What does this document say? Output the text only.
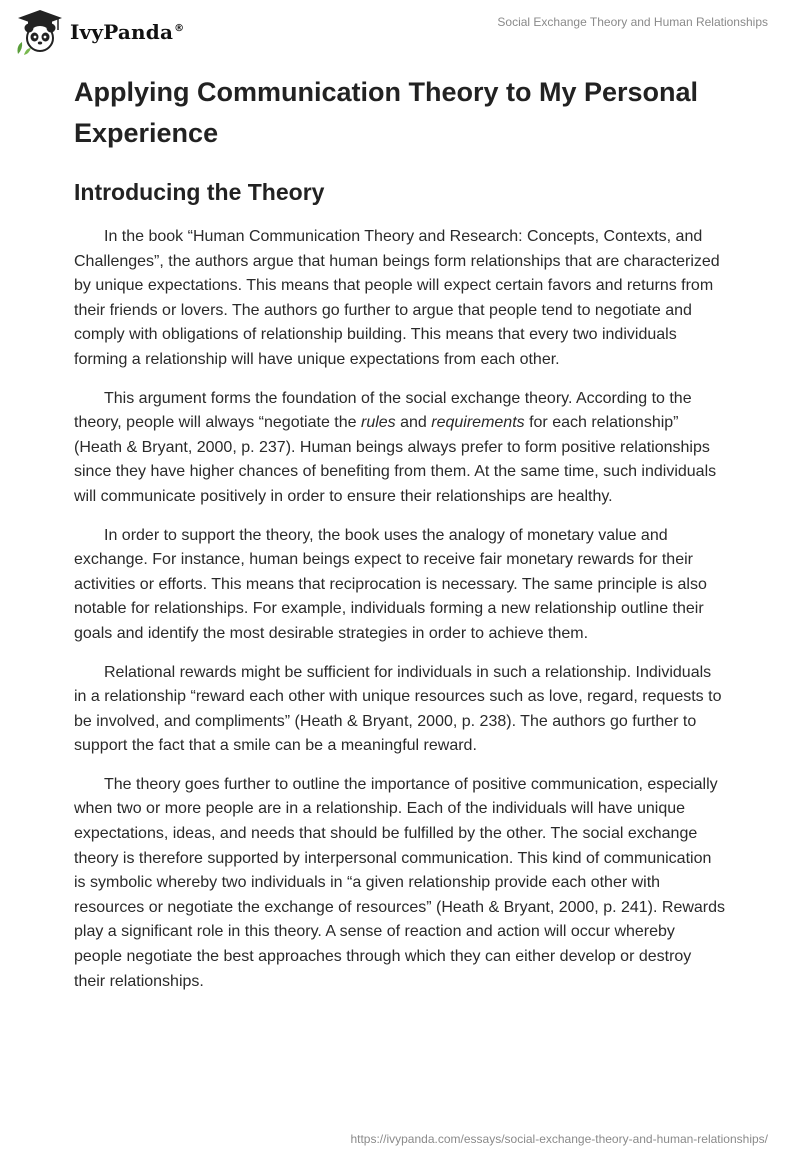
IvyPanda®	Social Exchange Theory and Human Relationships
Applying Communication Theory to My Personal Experience
Introducing the Theory

In the book “Human Communication Theory and Research: Concepts, Contexts, and Challenges”, the authors argue that human beings form relationships that are characterized by unique expectations. This means that people will expect certain favors and returns from their friends or lovers. The authors go further to argue that people tend to negotiate and comply with obligations of relationship building. This means that every two individuals forming a relationship will have unique expectations from each other.

This argument forms the foundation of the social exchange theory. According to the theory, people will always “negotiate the rules and requirements for each relationship” (Heath & Bryant, 2000, p. 237). Human beings always prefer to form positive relationships since they have higher chances of benefiting from them. At the same time, such individuals will communicate positively in order to ensure their relationships are healthy.

In order to support the theory, the book uses the analogy of monetary value and exchange. For instance, human beings expect to receive fair monetary rewards for their activities or efforts. This means that reciprocation is necessary. The same principle is also notable for relationships. For example, individuals forming a new relationship outline their goals and identify the most desirable strategies in order to achieve them.

Relational rewards might be sufficient for individuals in such a relationship. Individuals in a relationship “reward each other with unique resources such as love, regard, requests to be involved, and compliments” (Heath & Bryant, 2000, p. 238). The authors go further to support the fact that a smile can be a meaningful reward.

The theory goes further to outline the importance of positive communication, especially when two or more people are in a relationship. Each of the individuals will have unique expectations, ideas, and needs that should be fulfilled by the other. The social exchange theory is therefore supported by interpersonal communication. This kind of communication is symbolic whereby two individuals in “a given relationship provide each other with resources or negotiate the exchange of resources” (Heath & Bryant, 2000, p. 241). Rewards play a significant role in this theory. A sense of reaction and action will occur whereby people negotiate the best approaches through which they can either develop or destroy their relationships.

https://ivypanda.com/essays/social-exchange-theory-and-human-relationships/
